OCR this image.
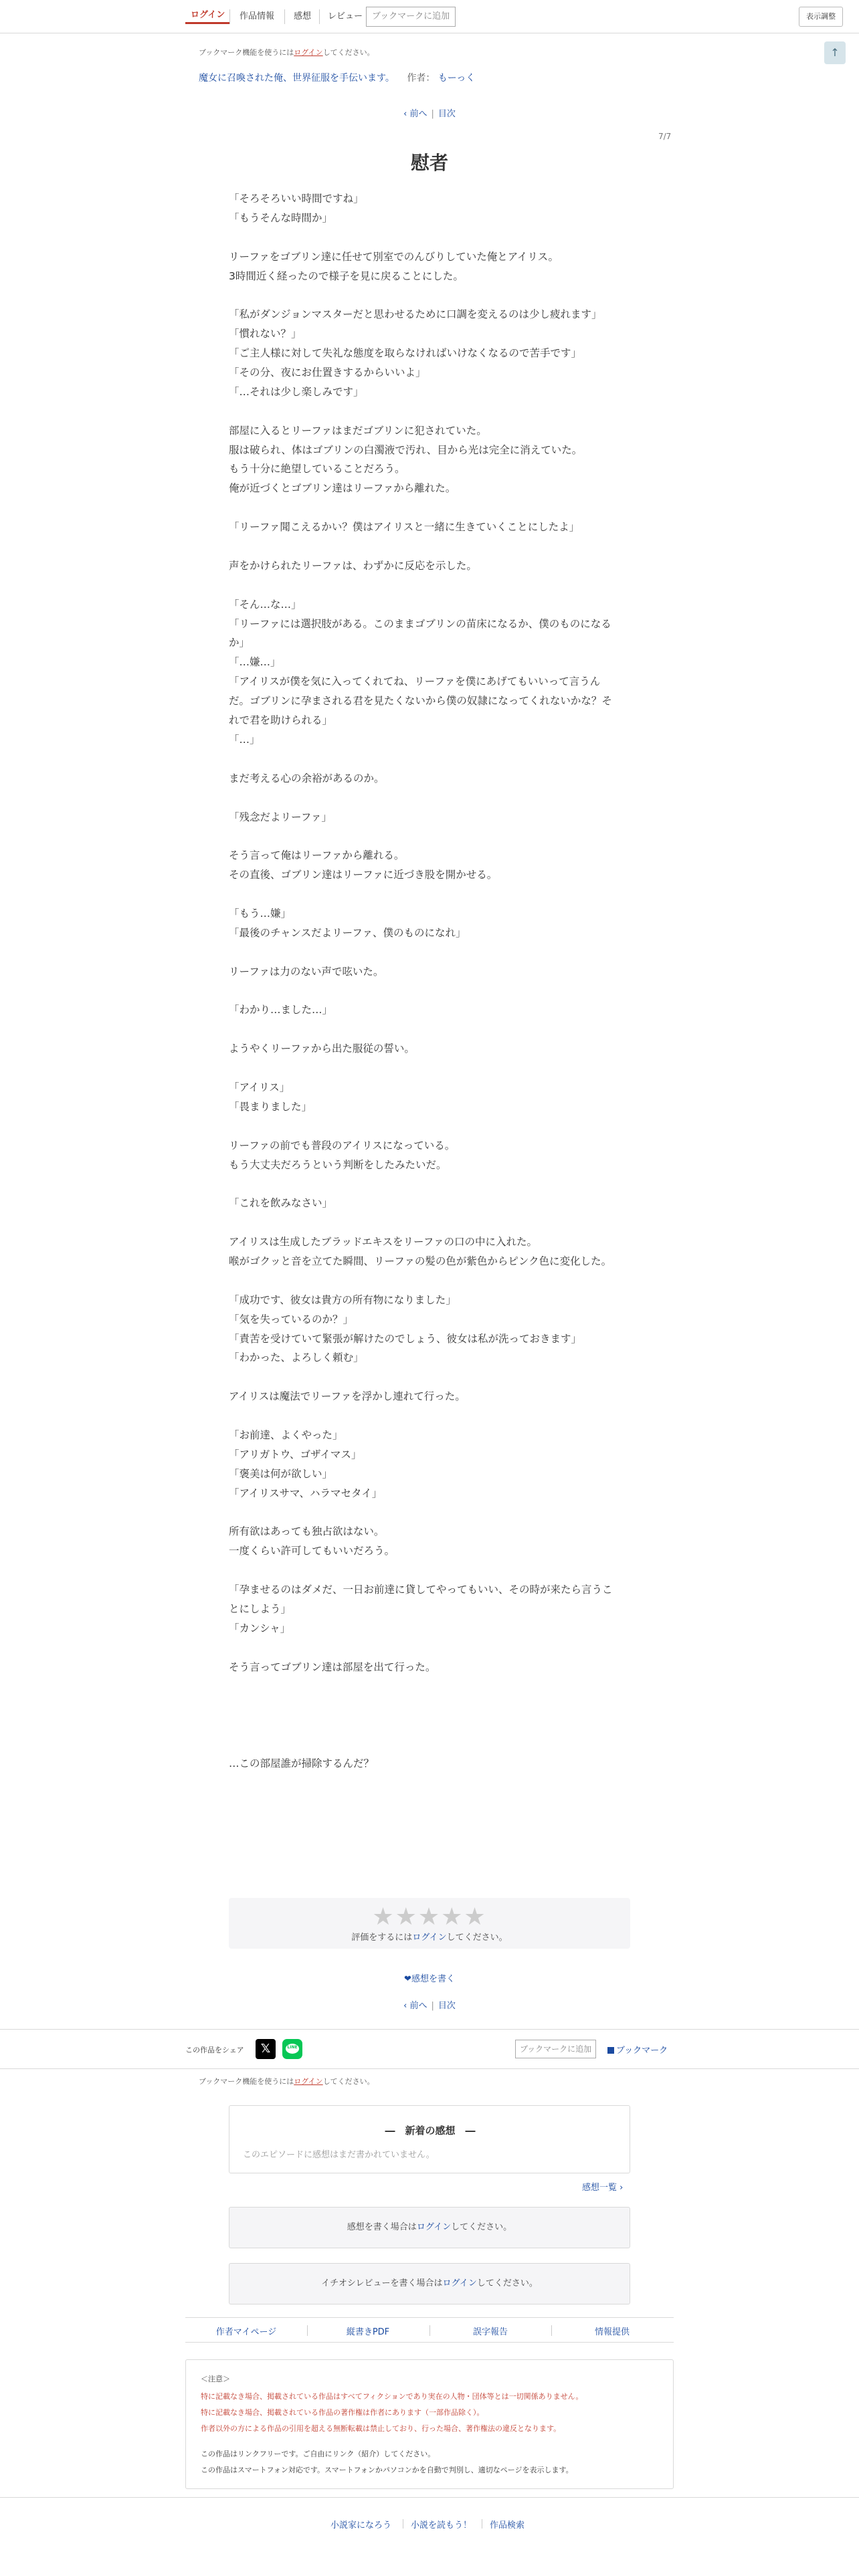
ログイン	作品情報	感想	レビュー	ブックマークに追加	表示調整
ブックマーク機能を使うにはログインしてください。	↑
魔女に召喚された俺、世界征服を手伝います。 作者： もーっく
‹ 前へ | 目次
7/7
慰者
「そろそろいい時間ですね」
「もうそんな時間か」
リーファをゴブリン達に任せて別室でのんびりしていた俺とアイリス。
3時間近く経ったので様子を見に戻ることにした。
「私がダンジョンマスターだと思わせるために口調を変えるのは少し疲れます」
「慣れない？」
「ご主人様に対して失礼な態度を取らなければいけなくなるので苦手です」
「その分、夜にお仕置きするからいいよ」
「…それは少し楽しみです」
部屋に入るとリーファはまだゴブリンに犯されていた。
服は破られ、体はゴブリンの白濁液で汚れ、目から光は完全に消えていた。
もう十分に絶望していることだろう。
俺が近づくとゴブリン達はリーファから離れた。
「リーファ聞こえるかい？僕はアイリスと一緒に生きていくことにしたよ」
声をかけられたリーファは、わずかに反応を示した。
「そん…な…」
「リーファには選択肢がある。このままゴブリンの苗床になるか、僕のものになる
か」
「…嫌…」
「アイリスが僕を気に入ってくれてね、リーファを僕にあげてもいいって言うん
だ。ゴブリンに孕まされる君を見たくないから僕の奴隷になってくれないかな？そ
れで君を助けられる」
「…」
まだ考える心の余裕があるのか。
「残念だよリーファ」
そう言って俺はリーファから離れる。
その直後、ゴブリン達はリーファに近づき股を開かせる。
「もう…嫌」
「最後のチャンスだよリーファ、僕のものになれ」
リーファは力のない声で呟いた。
「わかり…ました…」
ようやくリーファから出た服従の誓い。
「アイリス」
「畏まりました」
リーファの前でも普段のアイリスになっている。
もう大丈夫だろうという判断をしたみたいだ。
「これを飲みなさい」
アイリスは生成したブラッドエキスをリーファの口の中に入れた。
喉がゴクッと音を立てた瞬間、リーファの髪の色が紫色からピンク色に変化した。
「成功です、彼女は貴方の所有物になりました」
「気を失っているのか？」
「責苦を受けていて緊張が解けたのでしょう、彼女は私が洗っておきます」
「わかった、よろしく頼む」
アイリスは魔法でリーファを浮かし連れて行った。
「お前達、よくやった」
「アリガトウ、ゴザイマス」
「褒美は何が欲しい」
「アイリスサマ、ハラマセタイ」
所有欲はあっても独占欲はない。
一度くらい許可してもいいだろう。
「孕ませるのはダメだ、一日お前達に貸してやってもいい、その時が来たら言うこ
とにしよう」
「カンシャ」
そう言ってゴブリン達は部屋を出て行った。
…この部屋誰が掃除するんだ？
★★★★★
評価をするにはログインしてください。
❤感想を書く
‹ 前へ | 目次
この作品をシェア	𝕏	LINE	ブックマークに追加	ブックマーク
ブックマーク機能を使うにはログインしてください。
―　新着の感想　―
このエピソードに感想はまだ書かれていません。
感想一覧 ›
感想を書く場合はログインしてください。
イチオシレビューを書く場合はログインしてください。
作者マイページ	縦書きPDF	誤字報告	情報提供
＜注意＞
特に記載なき場合、掲載されている作品はすべてフィクションであり実在の人物・団体等とは一切関係ありません。
特に記載なき場合、掲載されている作品の著作権は作者にあります（一部作品除く）。
作者以外の方による作品の引用を超える無断転載は禁止しており、行った場合、著作権法の違反となります。
この作品はリンクフリーです。ご自由にリンク（紹介）してください。
この作品はスマートフォン対応です。スマートフォンかパソコンかを自動で判別し、適切なページを表示します。
小説家になろう 小説を読もう！ 作品検索
